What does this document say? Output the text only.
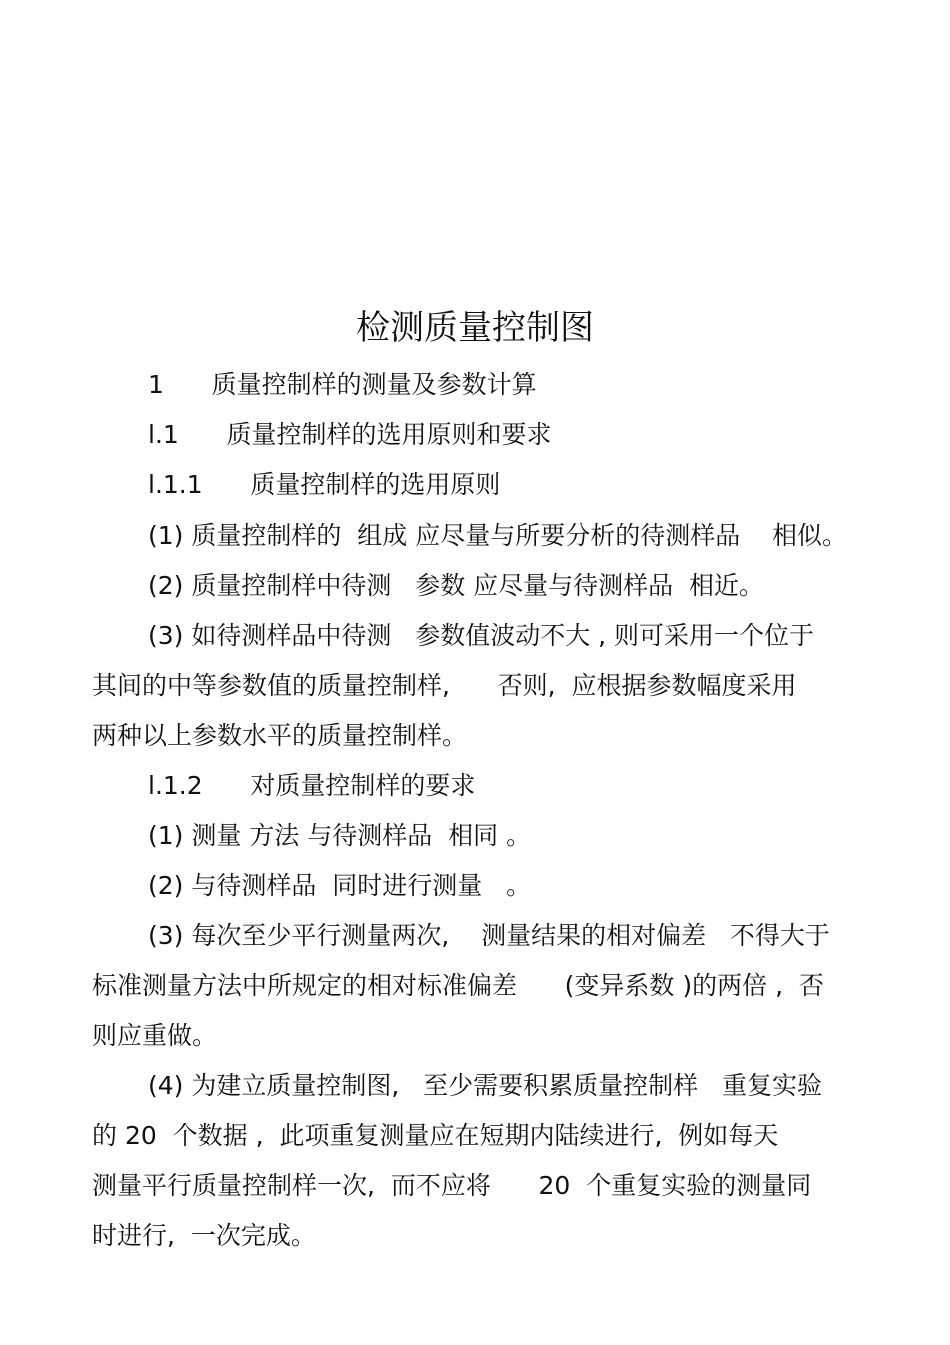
检测质量控制图

1      质量控制样的测量及参数计算

l.1      质量控制样的选用原则和要求

l.1.1      质量控制样的选用原则

(1) 质量控制样的  组成 应尽量与所要分析的待测样品    相似。

(2) 质量控制样中待测   参数 应尽量与待测样品  相近。

(3) 如待测样品中待测   参数值波动不大 , 则可采用一个位于

其间的中等参数值的质量控制样,      否则,  应根据参数幅度采用

两种以上参数水平的质量控制样。

l.1.2      对质量控制样的要求

(1) 测量 方法 与待测样品  相同 。

(2) 与待测样品  同时进行测量   。

(3) 每次至少平行测量两次,    测量结果的相对偏差   不得大于

标准测量方法中所规定的相对标准偏差      (变异系数 )的两倍 ,  否

则应重做。

(4) 为建立质量控制图,   至少需要积累质量控制样   重复实验

的 20  个数据 ,  此项重复测量应在短期内陆续进行,  例如每天

测量平行质量控制样一次,  而不应将      20  个重复实验的测量同

时进行,  一次完成。
